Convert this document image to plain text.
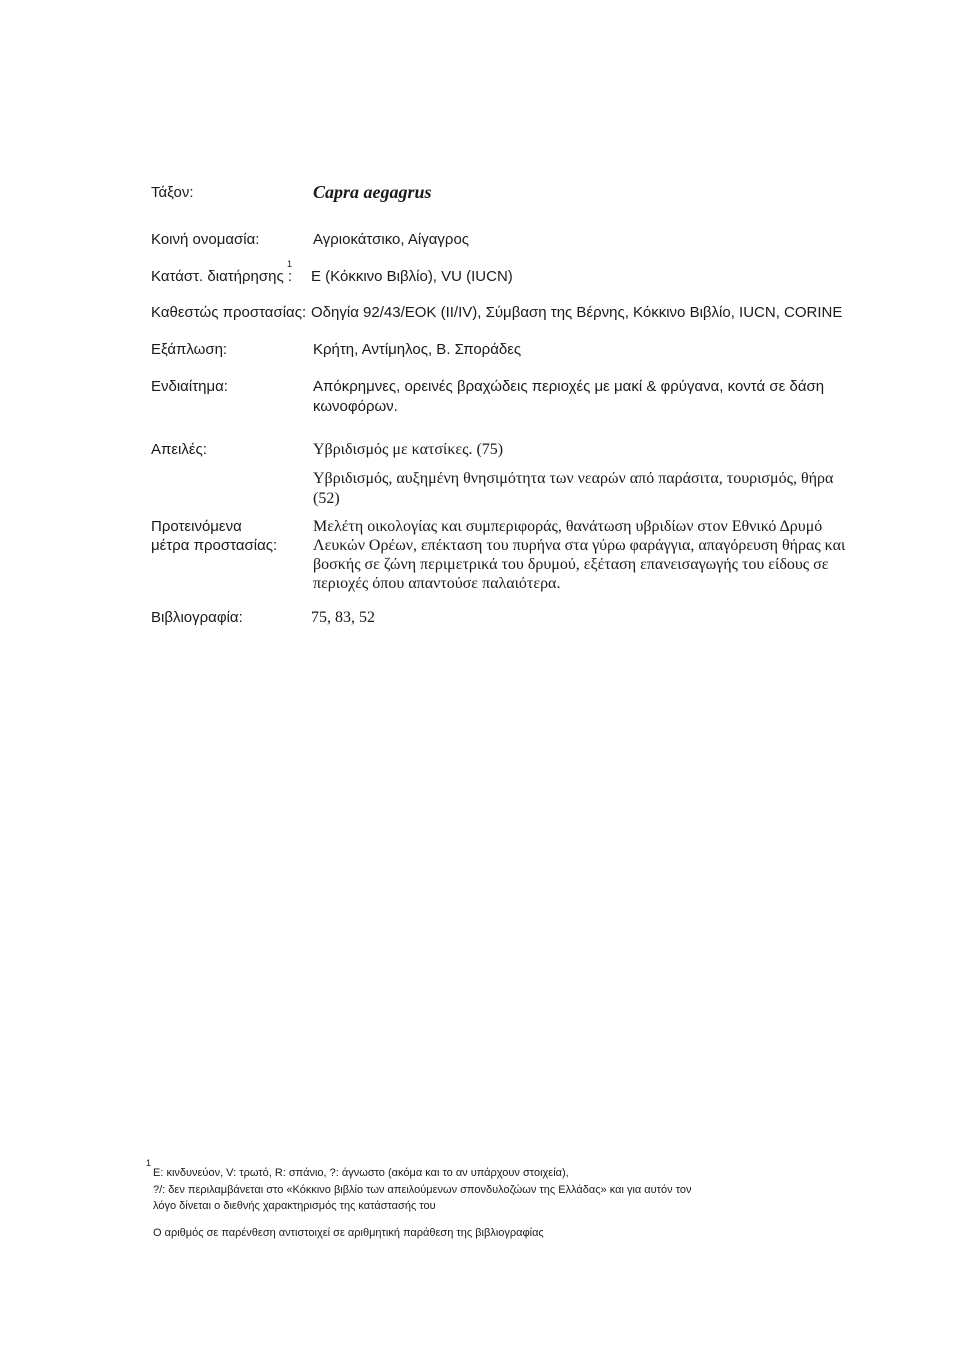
Τάξον:	Capra aegagrus
Κοινή ονομασία:	Αγριοκάτσικο, Αίγαγρος
1
Κατάστ. διατήρησης : E (Κόκκινο Βιβλίο), VU (IUCN)
Καθεστώς προστασίας: Οδηγία 92/43/ΕΟΚ (II/IV), Σύμβαση της Βέρνης, Κόκκινο Βιβλίο, IUCN, CORINE
Εξάπλωση:	Κρήτη, Αντίμηλος, Β. Σποράδες
Ενδιαίτημα:	Απόκρημνες, ορεινές βραχώδεις περιοχές με μακί & φρύγανα, κοντά σε δάση
κωνοφόρων.
Απειλές:	Υβριδισμός με κατσίκες. (75)
Υβριδισμός, αυξημένη θνησιμότητα των νεαρών από παράσιτα, τουρισμός, θήρα
(52)
Προτεινόμενα
μέτρα προστασίας:
Μελέτη οικολογίας και συμπεριφοράς, θανάτωση υβριδίων στον Εθνικό Δρυμό
Λευκών Ορέων, επέκταση του πυρήνα στα γύρω φαράγγια, απαγόρευση θήρας και
βοσκής σε ζώνη περιμετρικά του δρυμού, εξέταση επανεισαγωγής του είδους σε
περιοχές όπου απαντούσε παλαιότερα.
Βιβλιογραφία:	75, 83, 52
1
E: κινδυνεύον, V: τρωτό, R: σπάνιο, ?: άγνωστο (ακόμα και το αν υπάρχουν στοιχεία),
?/: δεν περιλαμβάνεται στο «Κόκκινο βιβλίο των απειλούμενων σπονδυλοζώων της Ελλάδας» και για αυτόν τον
λόγο δίνεται ο διεθνής χαρακτηρισμός της κατάστασής του
Ο αριθμός σε παρένθεση αντιστοιχεί σε αριθμητική παράθεση της βιβλιογραφίας
